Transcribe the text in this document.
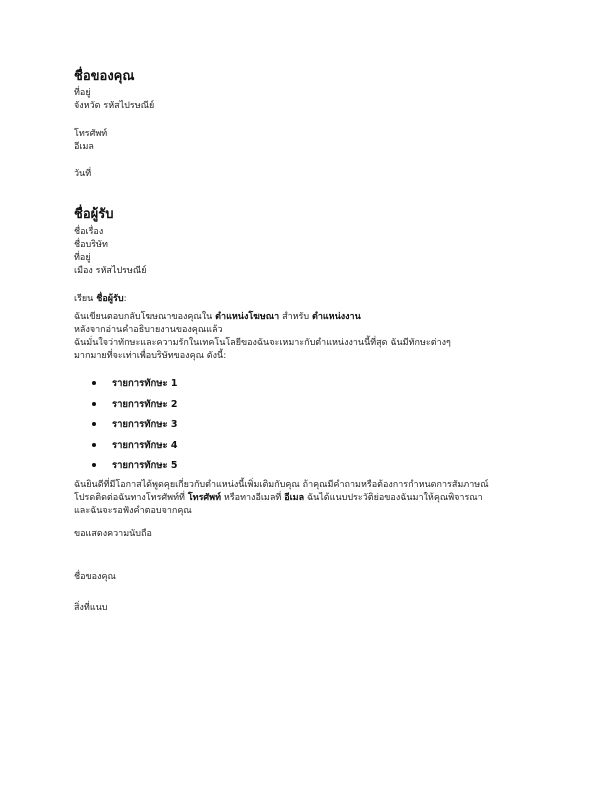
ชื่อของคุณ
ที่อยู่
จังหวัด รหัสไปรษณีย์
โทรศัพท์
อีเมล
วันที่
ชื่อผู้รับ
ชื่อเรื่อง
ชื่อบริษัท
ที่อยู่
เมือง รหัสไปรษณีย์
เรียน ชื่อผู้รับ:
ฉันเขียนตอบกลับโฆษณาของคุณใน ตำแหน่งโฆษณา สำหรับ ตำแหน่งงาน
หลังจากอ่านคำอธิบายงานของคุณแล้ว
ฉันมั่นใจว่าทักษะและความรักในเทคโนโลยีของฉันจะเหมาะกับตำแหน่งงานนี้ที่สุด ฉันมีทักษะต่างๆ
มากมายที่จะเท่าเพื่อบริษัทของคุณ ดังนี้:
รายการทักษะ 1
รายการทักษะ 2
รายการทักษะ 3
รายการทักษะ 4
รายการทักษะ 5
ฉันยินดีที่มีโอกาสได้พูดคุยเกี่ยวกับตำแหน่งนี้เพิ่มเติมกับคุณ ถ้าคุณมีคำถามหรือต้องการกำหนดการสัมภาษณ์
โปรดติดต่อฉันทางโทรศัพท์ที่ โทรศัพท์ หรือทางอีเมลที่ อีเมล ฉันได้แนบประวัติย่อของฉันมาให้คุณพิจารณา
และฉันจะรอฟังคำตอบจากคุณ
ขอแสดงความนับถือ
ชื่อของคุณ
สิ่งที่แนบ
